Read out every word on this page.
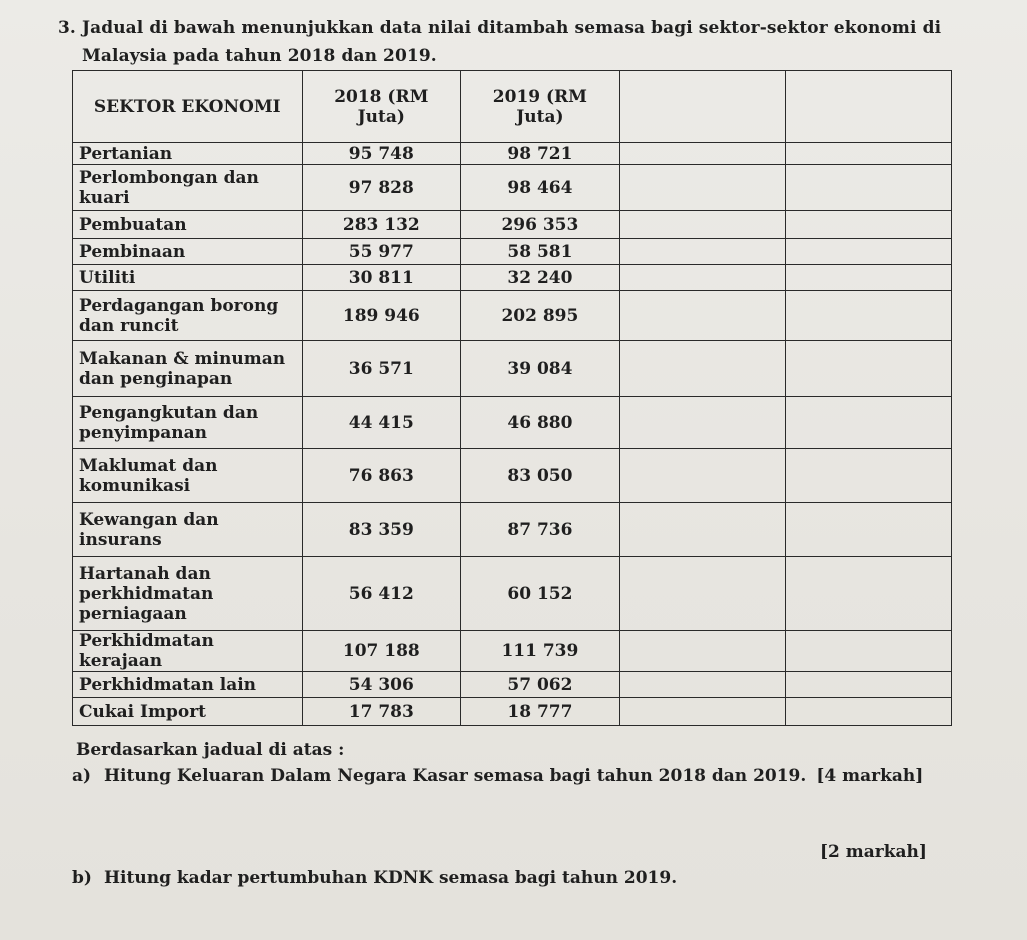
3. Jadual di bawah menunjukkan data nilai ditambah semasa bagi sektor-sektor ekonomi di
Malaysia pada tahun 2018 dan 2019.
SEKTOR EKONOMI	2018 (RM Juta)	2019 (RM Juta)		
Pertanian	95 748	98 721		
Perlombongan dan kuari	97 828	98 464		
Pembuatan	283 132	296 353		
Pembinaan	55 977	58 581		
Utiliti	30 811	32 240		
Perdagangan borong dan runcit	189 946	202 895		
Makanan & minuman dan penginapan	36 571	39 084		
Pengangkutan dan penyimpanan	44 415	46 880		
Maklumat dan komunikasi	76 863	83 050		
Kewangan dan insurans	83 359	87 736		
Hartanah dan perkhidmatan perniagaan	56 412	60 152		
Perkhidmatan kerajaan	107 188	111 739		
Perkhidmatan lain	54 306	57 062		
Cukai Import	17 783	18 777		
Berdasarkan jadual di atas :
a) Hitung Keluaran Dalam Negara Kasar semasa bagi tahun 2018 dan 2019. [4 markah]
[2 markah]
b) Hitung kadar pertumbuhan KDNK semasa bagi tahun 2019.
